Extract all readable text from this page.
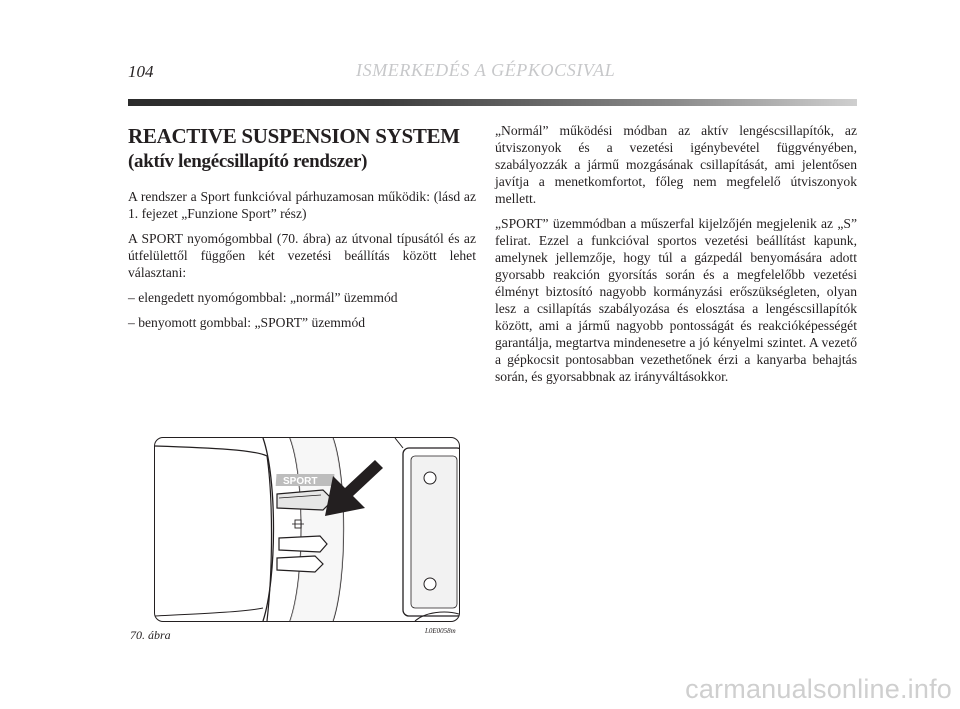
104	ISMERKEDÉS A GÉPKOCSIVAL
REACTIVE SUSPENSION SYSTEM
(aktív lengécsillapító rendszer)

A rendszer a Sport funkcióval párhuzamosan működik: (lásd az 1. fejezet „Funzione Sport” rész)

A SPORT nyomógombbal (70. ábra) az útvonal típusától és az útfelülettől függően két vezetési beállítás között lehet választani:

– elengedett nyomógombbal: „normál” üzemmód

– benyomott gombbal: „SPORT” üzemmód

„Normál” működési módban az aktív lengéscsillapítók, az útviszonyok és a vezetési igénybevétel függvényében, szabályozzák a jármű mozgásának csillapítását, ami jelentősen javítja a menetkomfortot, főleg nem megfelelő útviszonyok mellett.

„SPORT” üzemmódban a műszerfal kijelzőjén megjelenik az „S” felirat. Ezzel a funkcióval sportos vezetési beállítást kapunk, amelynek jellemzője, hogy túl a gázpedál benyomására adott gyorsabb reakción gyorsítás során és a megfelelőbb vezetési élményt biztosító nagyobb kormányzási erőszükségleten, olyan lesz a csillapítás szabályozása és elosztása a lengéscsillapítók között, ami a jármű nagyobb pontosságát és reakcióképességét garantálja, megtartva mindenesetre a jó kényelmi szintet. A vezető a gépkocsit pontosabban vezethetőnek érzi a kanyarba behajtás során, és gyorsabbnak az irányváltásokkor.

SPORT
70. ábra	L0E0058m
carmanualsonline.info
